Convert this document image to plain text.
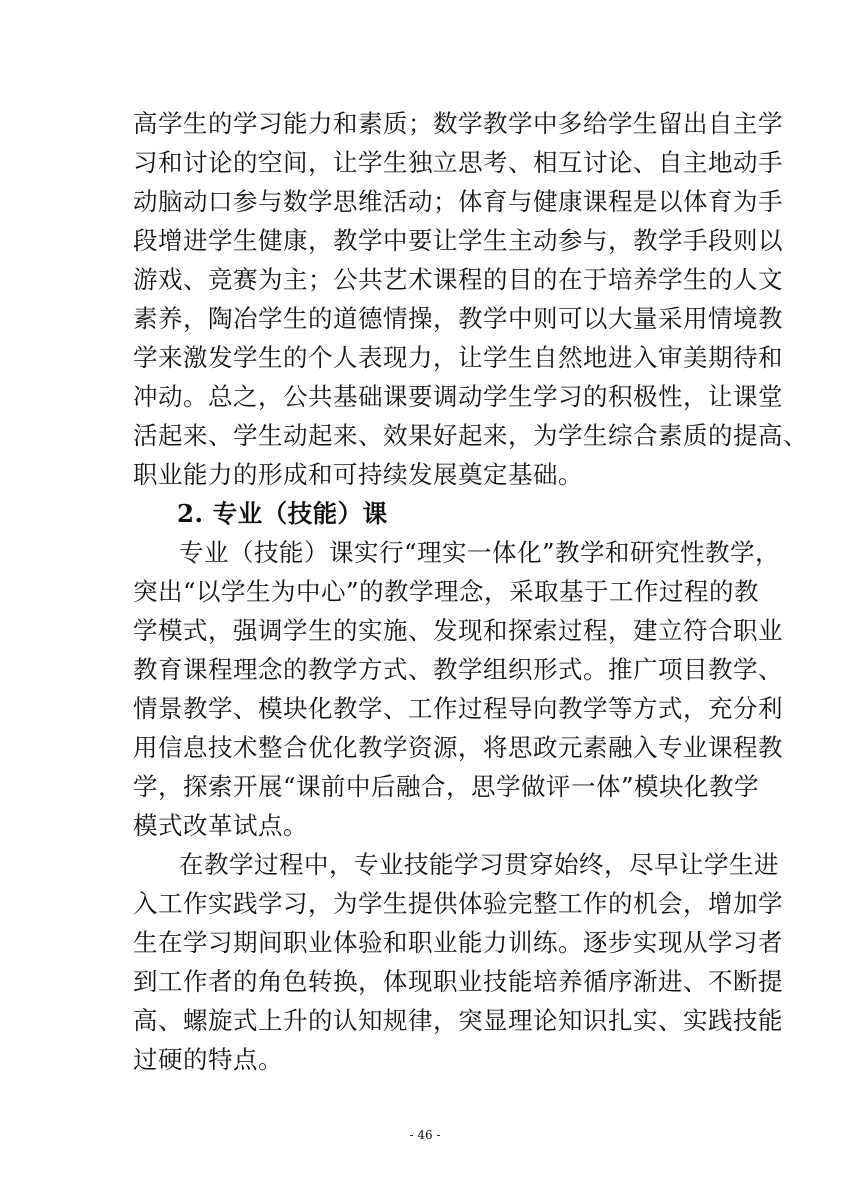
高学生的学习能力和素质；数学教学中多给学生留出自主学
习和讨论的空间，让学生独立思考、相互讨论、自主地动手
动脑动口参与数学思维活动；体育与健康课程是以体育为手
段增进学生健康，教学中要让学生主动参与，教学手段则以
游戏、竞赛为主；公共艺术课程的目的在于培养学生的人文
素养，陶冶学生的道德情操，教学中则可以大量采用情境教
学来激发学生的个人表现力，让学生自然地进入审美期待和
冲动。总之，公共基础课要调动学生学习的积极性，让课堂
活起来、学生动起来、效果好起来，为学生综合素质的提高、
职业能力的形成和可持续发展奠定基础。
2. 专业（技能）课
专业（技能）课实行“理实一体化”教学和研究性教学，
突出“以学生为中心”的教学理念，采取基于工作过程的教
学模式，强调学生的实施、发现和探索过程，建立符合职业
教育课程理念的教学方式、教学组织形式。推广项目教学、
情景教学、模块化教学、工作过程导向教学等方式，充分利
用信息技术整合优化教学资源，将思政元素融入专业课程教
学，探索开展“课前中后融合，思学做评一体”模块化教学
模式改革试点。
在教学过程中，专业技能学习贯穿始终，尽早让学生进
入工作实践学习，为学生提供体验完整工作的机会，增加学
生在学习期间职业体验和职业能力训练。逐步实现从学习者
到工作者的角色转换，体现职业技能培养循序渐进、不断提
高、螺旋式上升的认知规律，突显理论知识扎实、实践技能
过硬的特点。
- 46 -
